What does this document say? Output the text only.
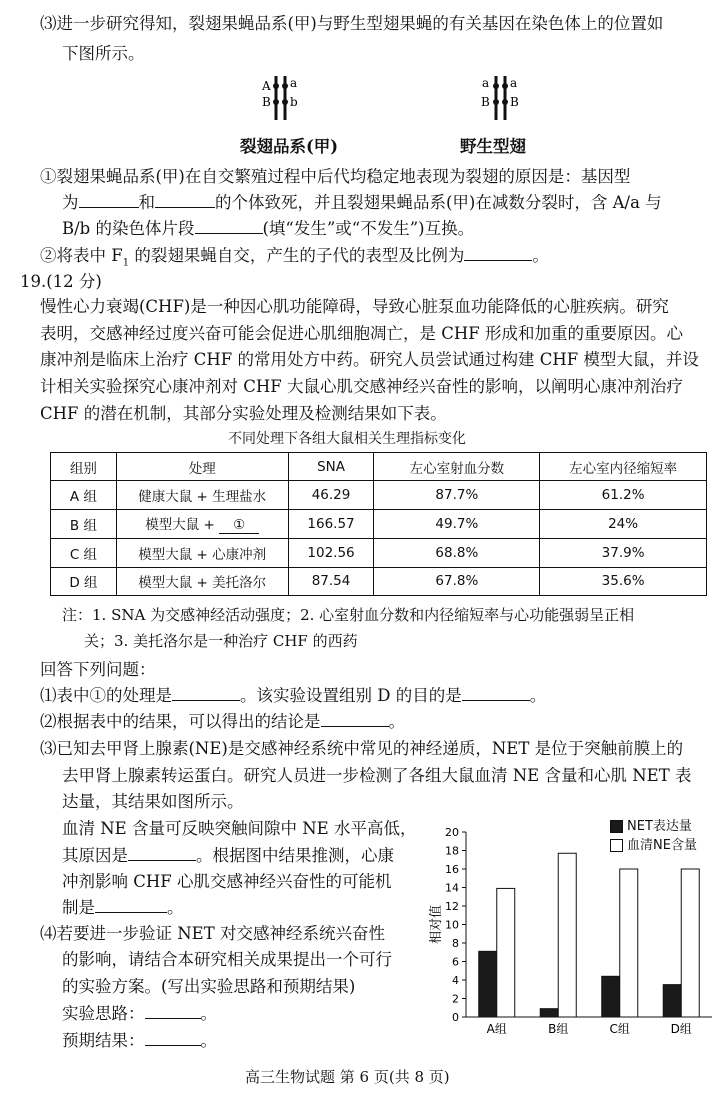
⑶进一步研究得知，裂翅果蝇品系(甲)与野生型翅果蝇的有关基因在染色体上的位置如
下图所示。
A a
B b
a a
B B
裂翅品系(甲)	野生型翅
①裂翅果蝇品系(甲)在自交繁殖过程中后代均稳定地表现为裂翅的原因是：基因型
为	和	的个体致死，并且裂翅果蝇品系(甲)在减数分裂时，含 A/a 与
B/b 的染色体片段	(填“发生”或“不发生”)互换。
②将表中 $F_1$ 的裂翅果蝇自交，产生的子代的表型及比例为	。
19.(12 分)
慢性心力衰竭(CHF)是一种因心肌功能障碍，导致心脏泵血功能降低的心脏疾病。研究
表明，交感神经过度兴奋可能会促进心肌细胞凋亡，是 CHF 形成和加重的重要原因。心
康冲剂是临床上治疗 CHF 的常用处方中药。研究人员尝试通过构建 CHF 模型大鼠，并设
计相关实验探究心康冲剂对 CHF 大鼠心肌交感神经兴奋性的影响，以阐明心康冲剂治疗
CHF 的潜在机制，其部分实验处理及检测结果如下表。
不同处理下各组大鼠相关生理指标变化
组别	处理	SNA	左心室射血分数	左心室内径缩短率
A 组	健康大鼠 + 生理盐水	46.29	87.7%	61.2%
B 组	模型大鼠 + ①	166.57	49.7%	24%
C 组	模型大鼠 + 心康冲剂	102.56	68.8%	37.9%
D 组	模型大鼠 + 美托洛尔	87.54	67.8%	35.6%
注：1. SNA 为交感神经活动强度；2. 心室射血分数和内径缩短率与心功能强弱呈正相
关；3. 美托洛尔是一种治疗 CHF 的西药
回答下列问题：
⑴表中①的处理是	。该实验设置组别 D 的目的是	。
⑵根据表中的结果，可以得出的结论是	。
⑶已知去甲肾上腺素(NE)是交感神经系统中常见的神经递质，NET 是位于突触前膜上的
去甲肾上腺素转运蛋白。研究人员进一步检测了各组大鼠血清 NE 含量和心肌 NET 表
达量，其结果如图所示。
血清 NE 含量可反映突触间隙中 NE 水平高低，
其原因是	。根据图中结果推测，心康
冲剂影响 CHF 心肌交感神经兴奋性的可能机
制是	。
⑷若要进一步验证 NET 对交感神经系统兴奋性
的影响，请结合本研究相关成果提出一个可行
的实验方案。(写出实验思路和预期结果)
实验思路：	。
预期结果：	。
0
2
4
6
8
10
12
14
16
18
20
A组	B组	C组	D组
相对值
NET表达量
血清NE含量
高三生物试题 第 6 页(共 8 页)
